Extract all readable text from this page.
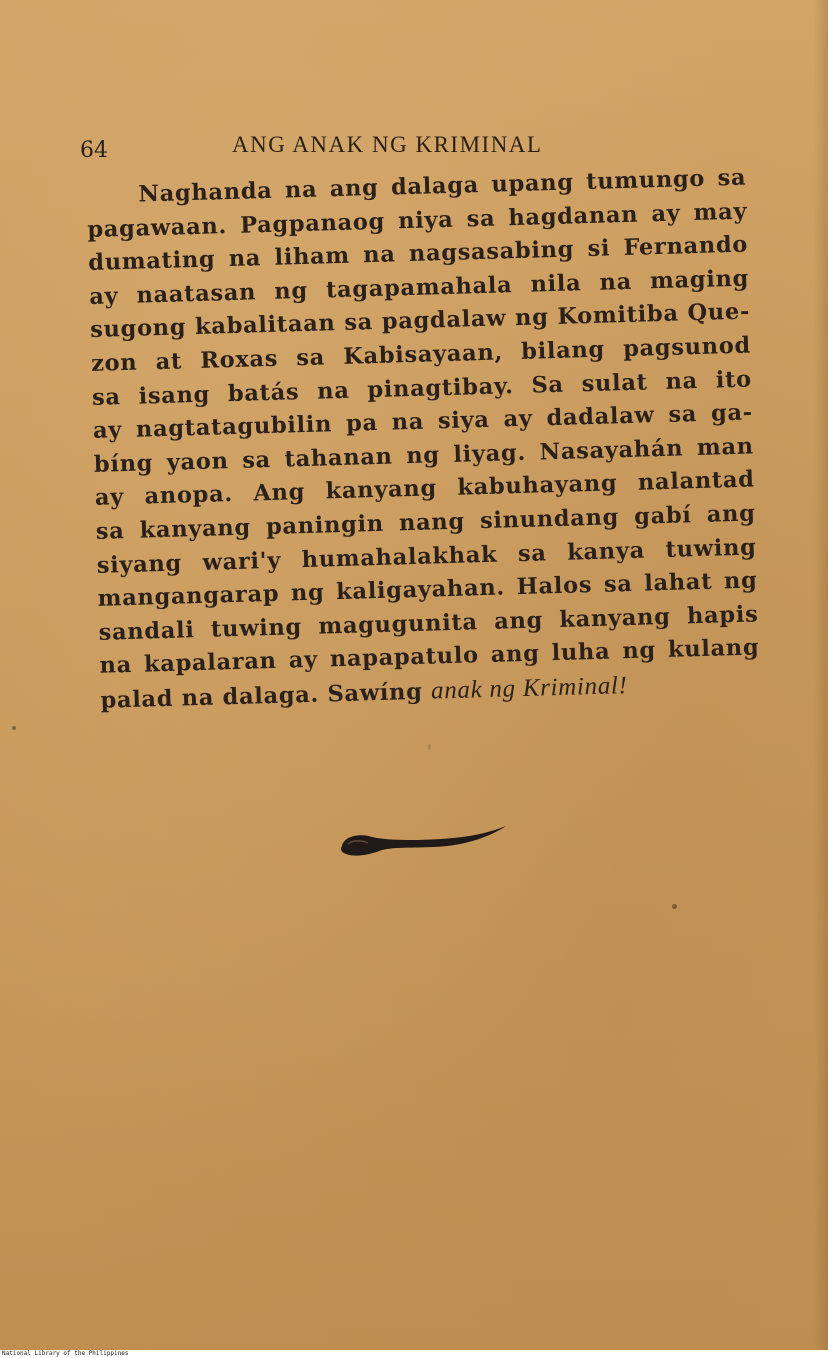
64	ANG ANAK NG KRIMINAL
Naghanda na ang dalaga upang tumungo sa
pagawaan. Pagpanaog niya sa hagdanan ay may
dumating na liham na nagsasabing si Fernando
ay naatasan ng tagapamahala nila na maging
sugong kabalitaan sa pagdalaw ng Komitiba Que-
zon at Roxas sa Kabisayaan, bilang pagsunod
sa isang batás na pinagtibay. Sa sulat na ito
ay nagtatagubilin pa na siya ay dadalaw sa ga-
bíng yaon sa tahanan ng liyag. Nasayahán man
ay anopa. Ang kanyang kabuhayang nalantad
sa kanyang paningin nang sinundang gabí ang
siyang wari'y humahalakhak sa kanya tuwing
mangangarap ng kaligayahan. Halos sa lahat ng
sandali tuwing magugunita ang kanyang hapis
na kapalaran ay napapatulo ang luha ng kulang
palad na dalaga. Sawíng anak ng Kriminal!
National Library of the Philippines
